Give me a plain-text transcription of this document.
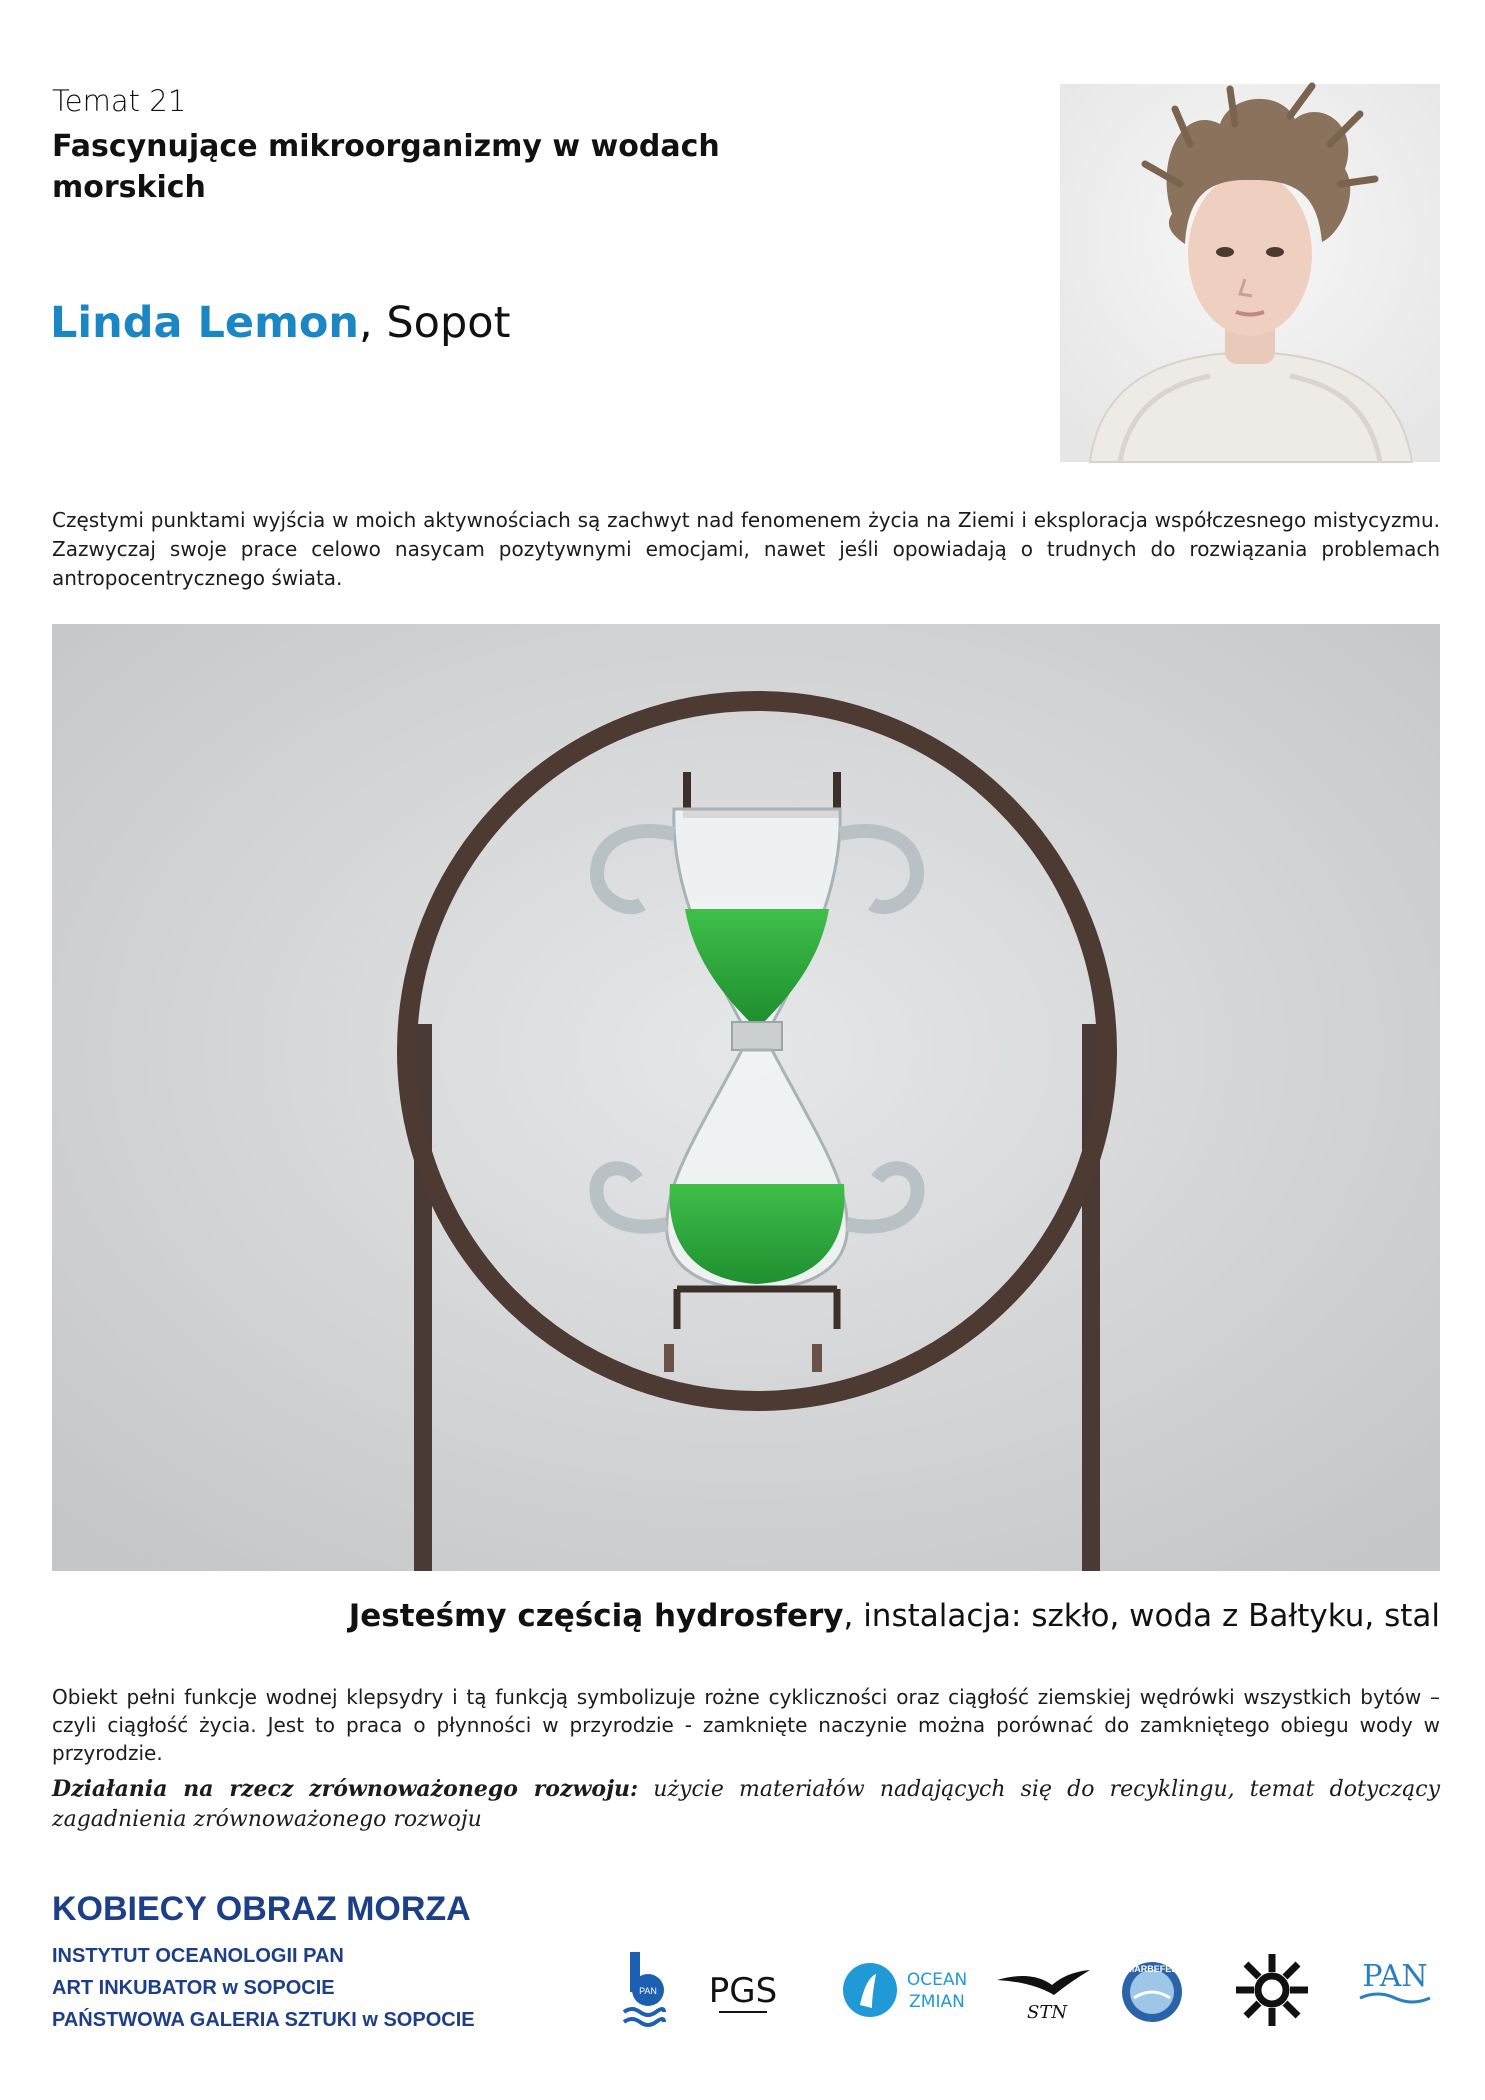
Temat 21
Fascynujące mikroorganizmy w wodach morskich
Linda Lemon, Sopot
Częstymi punktami wyjścia w moich aktywnościach są zachwyt nad fenomenem życia na Ziemi i eksploracja współczesnego mistycyzmu. Zazwyczaj swoje prace celowo nasycam pozytywnymi emocjami, nawet jeśli opowiadają o trudnych do rozwiązania problemach antropocentrycznego świata.
Jesteśmy częścią hydrosfery, instalacja: szkło, woda z Bałtyku, stal
Obiekt pełni funkcje wodnej klepsydry i tą funkcją symbolizuje rożne cykliczności oraz ciągłość ziemskiej wędrówki wszystkich bytów – czyli ciągłość życia. Jest to praca o płynności w przyrodzie - zamknięte naczynie można porównać do zamkniętego obiegu wody w przyrodzie.
Działania na rzecz zrównoważonego rozwoju: użycie materiałów nadających się do recyklingu, temat dotyczący zagadnienia zrównoważonego rozwoju
KOBIECY OBRAZ MORZA
INSTYTUT OCEANOLOGII PAN
ART INKUBATOR w SOPOCIE
PAŃSTWOWA GALERIA SZTUKI w SOPOCIE
PAN PGS	OCEAN
ZMIAN	STN
MARBEFES	PAN
